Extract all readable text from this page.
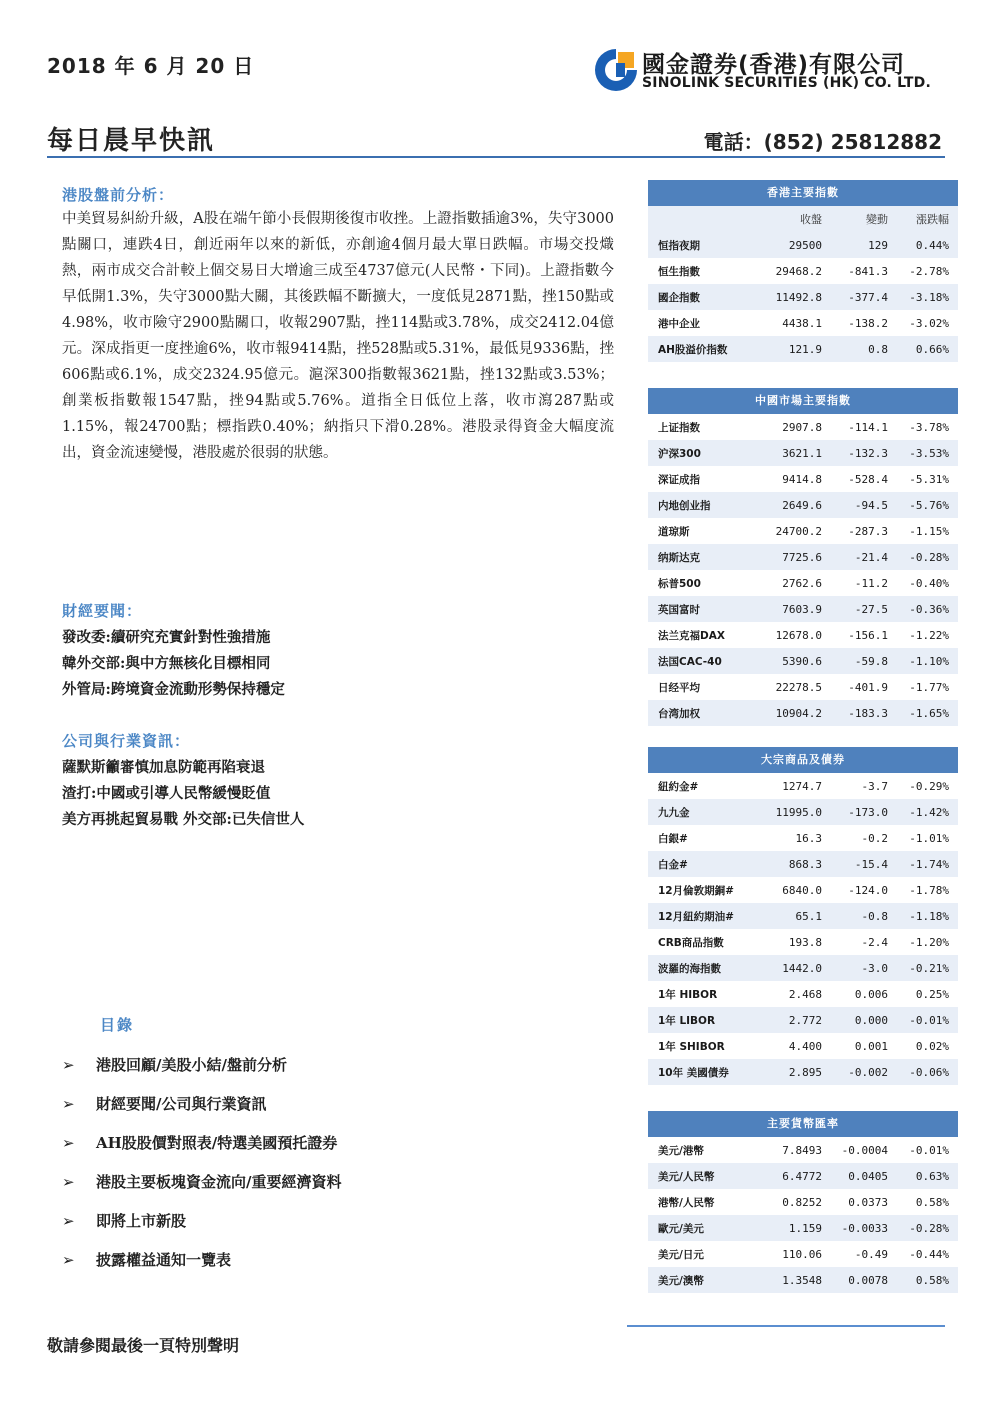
2018 年 6 月 20 日	國金證券(香港)有限公司
SINOLINK SECURITIES (HK) CO. LTD.
每日晨早快訊	電話：(852) 25812882
港股盤前分析：
中美貿易糾紛升級，A股在端午節小長假期後復市收挫。上證指數插逾3%，失守3000點關口，連跌4日，創近兩年以來的新低，亦創逾4個月最大單日跌幅。市場交投熾熱，兩市成交合計較上個交易日大增逾三成至4737億元(人民幣・下同)。上證指數今早低開1.3%，失守3000點大關，其後跌幅不斷擴大，一度低見2871點，挫150點或4.98%，收市險守2900點關口，收報2907點，挫114點或3.78%，成交2412.04億元。深成指更一度挫逾6%，收市報9414點，挫528點或5.31%，最低見9336點，挫606點或6.1%，成交2324.95億元。滬深300指數報3621點，挫132點或3.53%；創業板指數報1547點，挫94點或5.76%。道指全日低位上落，收市瀉287點或1.15%，報24700點；標指跌0.40%；納指只下滑0.28%。港股录得資金大幅度流出，資金流速變慢，港股處於很弱的狀態。
財經要聞：
發改委:續研究充實針對性強措施
韓外交部:與中方無核化目標相同
外管局:跨境資金流動形勢保持穩定
公司與行業資訊：
薩默斯籲審慎加息防範再陷衰退
渣打:中國或引導人民幣緩慢貶值
美方再挑起貿易戰 外交部:已失信世人
目錄
➢ 港股回顧/美股小結/盤前分析
➢ 財經要聞/公司與行業資訊
➢ AH股股價對照表/特選美國預托證券
➢ 港股主要板塊資金流向/重要經濟資料
➢ 即將上市新股
➢ 披露權益通知一覽表
香港主要指數
收盤	變動	漲跌幅
恒指夜期	29500	129	0.44%
恒生指數	29468.2	-841.3	-2.78%
國企指數	11492.8	-377.4	-3.18%
港中企业	4438.1	-138.2	-3.02%
AH股溢价指数	121.9	0.8	0.66%
中國市場主要指數
上证指数	2907.8	-114.1	-3.78%
沪深300	3621.1	-132.3	-3.53%
深证成指	9414.8	-528.4	-5.31%
内地创业指	2649.6	-94.5	-5.76%
道琼斯	24700.2	-287.3	-1.15%
纳斯达克	7725.6	-21.4	-0.28%
标普500	2762.6	-11.2	-0.40%
英国富时	7603.9	-27.5	-0.36%
法兰克福DAX	12678.0	-156.1	-1.22%
法国CAC-40	5390.6	-59.8	-1.10%
日经平均	22278.5	-401.9	-1.77%
台湾加权	10904.2	-183.3	-1.65%
大宗商品及債券
紐約金#	1274.7	-3.7	-0.29%
九九金	11995.0	-173.0	-1.42%
白銀#	16.3	-0.2	-1.01%
白金#	868.3	-15.4	-1.74%
12月倫敦期銅#	6840.0	-124.0	-1.78%
12月紐約期油#	65.1	-0.8	-1.18%
CRB商品指數	193.8	-2.4	-1.20%
波羅的海指數	1442.0	-3.0	-0.21%
1年 HIBOR	2.468	0.006	0.25%
1年 LIBOR	2.772	0.000	-0.01%
1年 SHIBOR	4.400	0.001	0.02%
10年 美國債券	2.895	-0.002	-0.06%
主要貨幣匯率
美元/港幣	7.8493	-0.0004	-0.01%
美元/人民幣	6.4772	0.0405	0.63%
港幣/人民幣	0.8252	0.0373	0.58%
歐元/美元	1.159	-0.0033	-0.28%
美元/日元	110.06	-0.49	-0.44%
美元/澳幣	1.3548	0.0078	0.58%
敬請參閱最後一頁特別聲明
